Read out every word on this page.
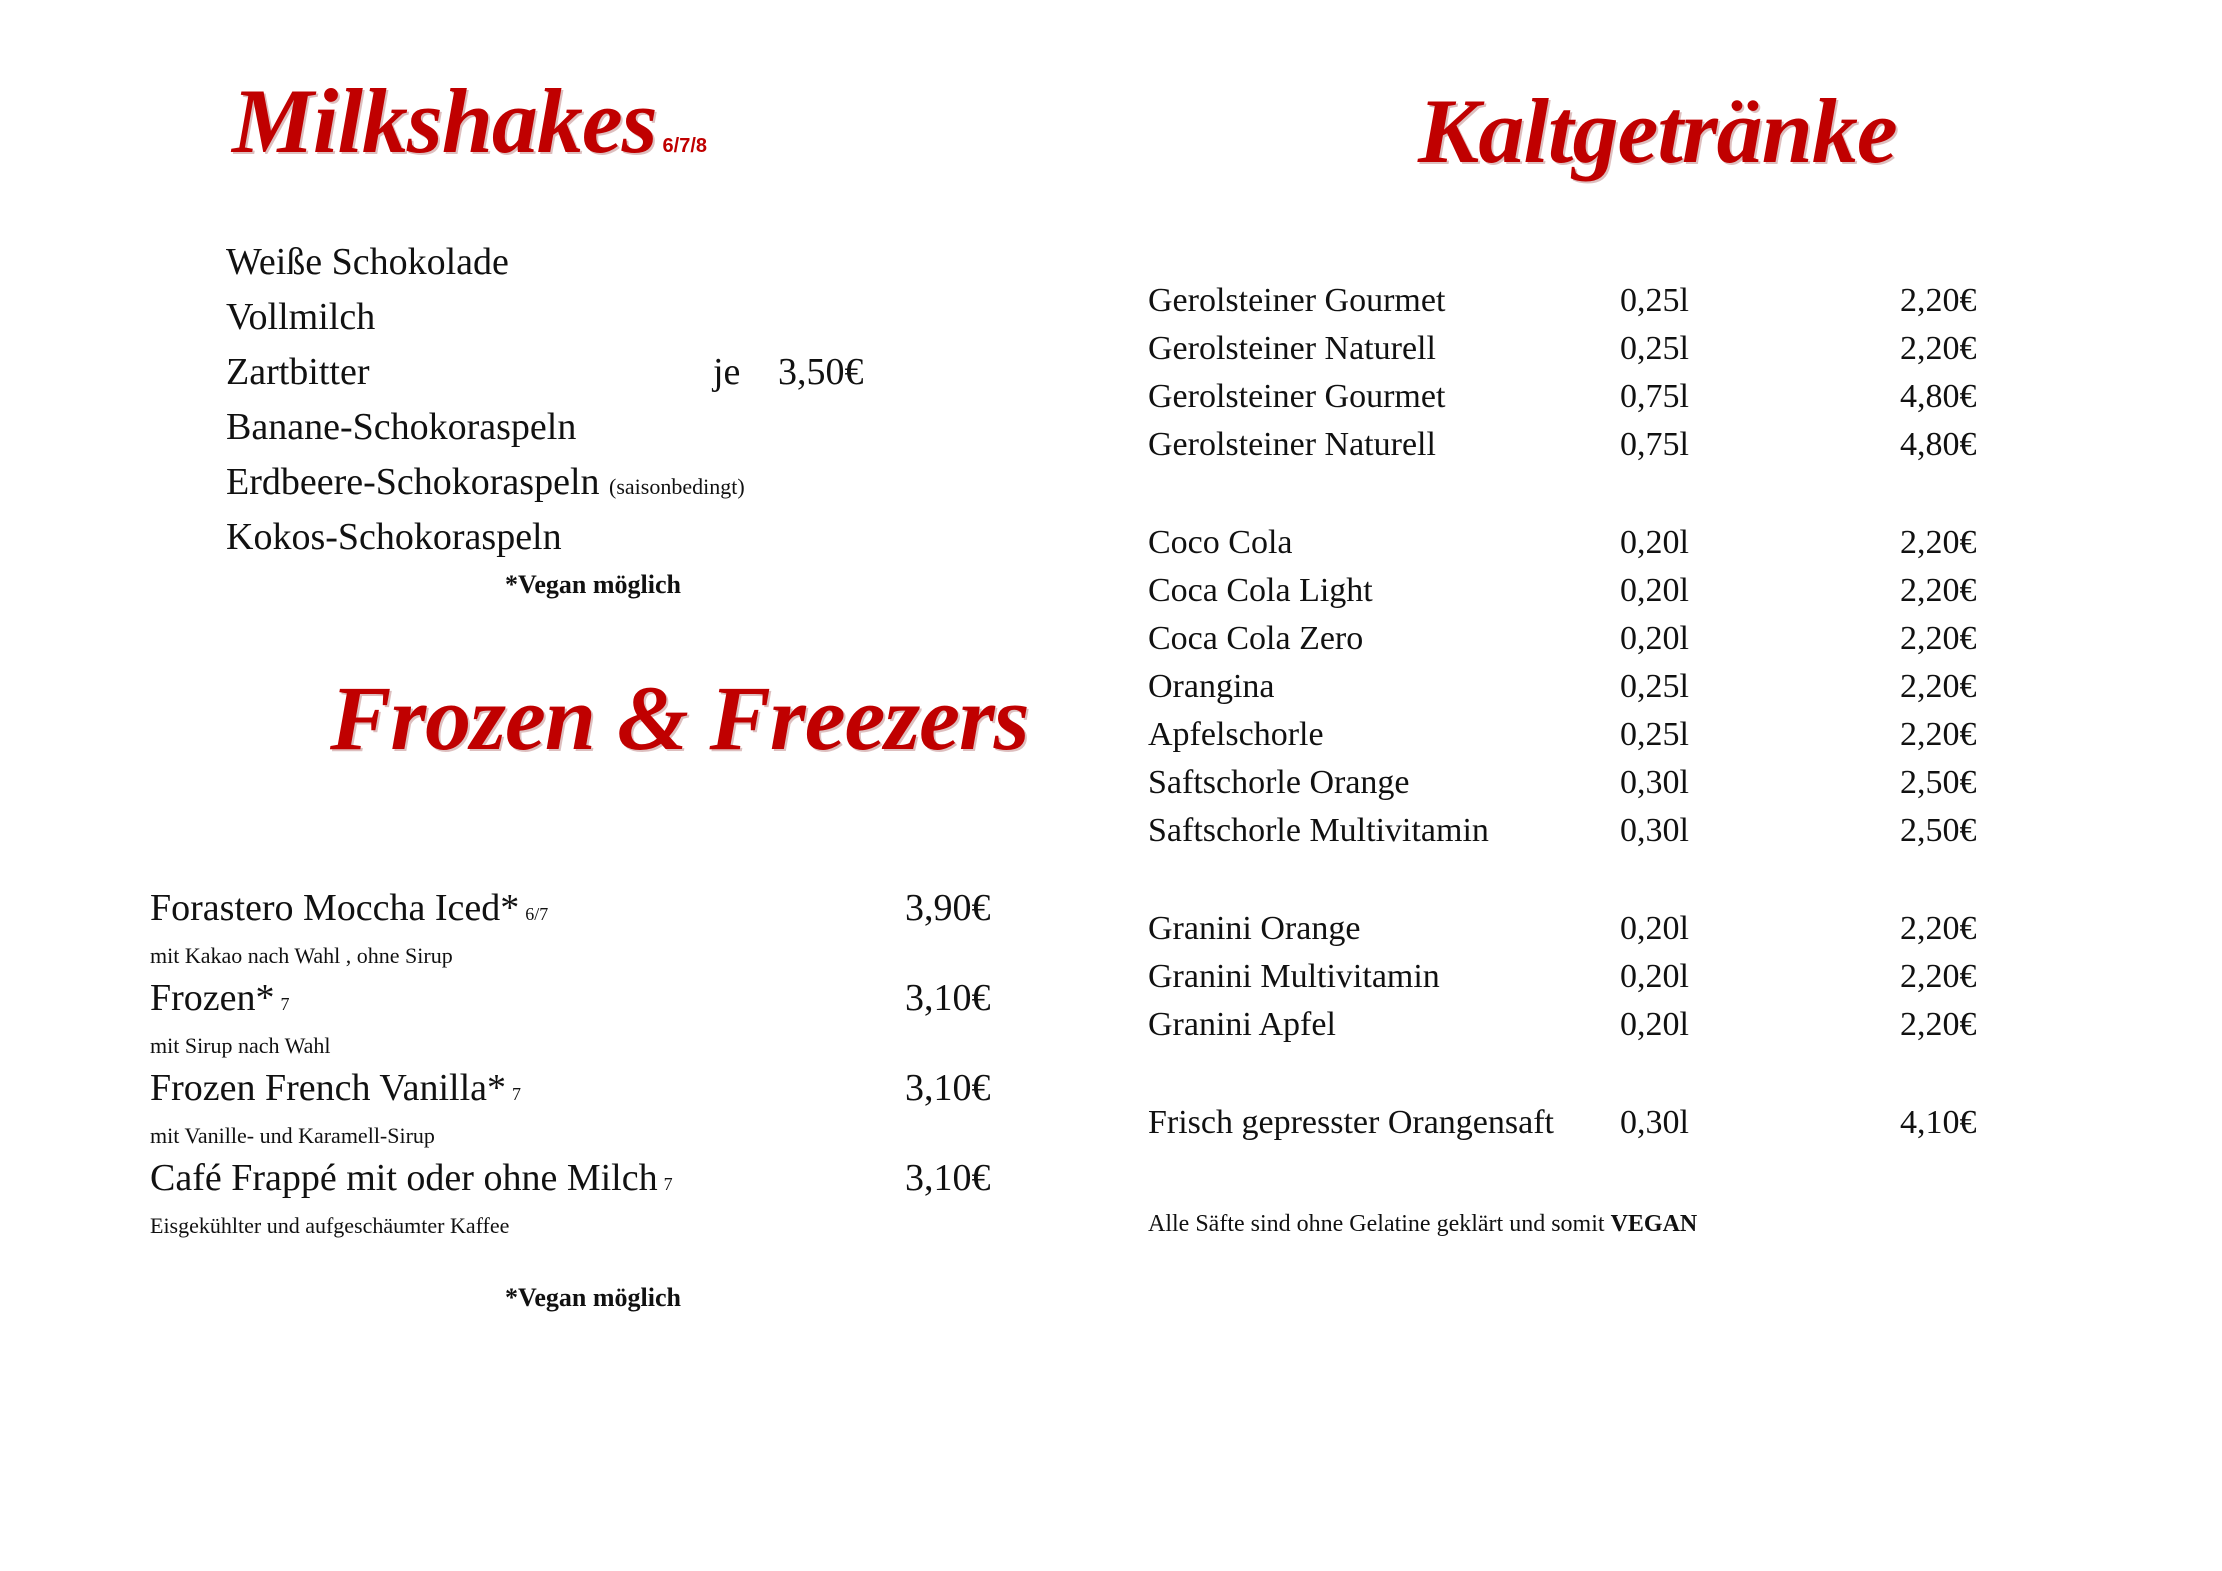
Milkshakes 6/7/8
Weiße Schokolade
Vollmilch
Zartbitter
Banane-Schokoraspeln
Erdbeere-Schokoraspeln (saisonbedingt)
Kokos-Schokoraspeln
je 3,50€
*Vegan möglich
Frozen & Freezers
Forastero Moccha Iced* 6/7
mit Kakao nach Wahl , ohne Sirup
3,90€
Frozen* 7
mit Sirup nach Wahl
3,10€
Frozen French Vanilla* 7
mit Vanille- und Karamell-Sirup
3,10€
Café Frappé mit oder ohne Milch 7
Eisgekühlter und aufgeschäumter Kaffee
3,10€
*Vegan möglich
Kaltgetränke
Gerolsteiner Gourmet	0,25l	2,20€
Gerolsteiner Naturell	0,25l	2,20€
Gerolsteiner Gourmet	0,75l	4,80€
Gerolsteiner Naturell	0,75l	4,80€
Coco Cola	0,20l	2,20€
Coca Cola Light	0,20l	2,20€
Coca Cola Zero	0,20l	2,20€
Orangina	0,25l	2,20€
Apfelschorle	0,25l	2,20€
Saftschorle Orange	0,30l	2,50€
Saftschorle Multivitamin	0,30l	2,50€
Granini Orange	0,20l	2,20€
Granini Multivitamin	0,20l	2,20€
Granini Apfel	0,20l	2,20€
Frisch gepresster Orangensaft 0,30l	4,10€
Alle Säfte sind ohne Gelatine geklärt und somit VEGAN
